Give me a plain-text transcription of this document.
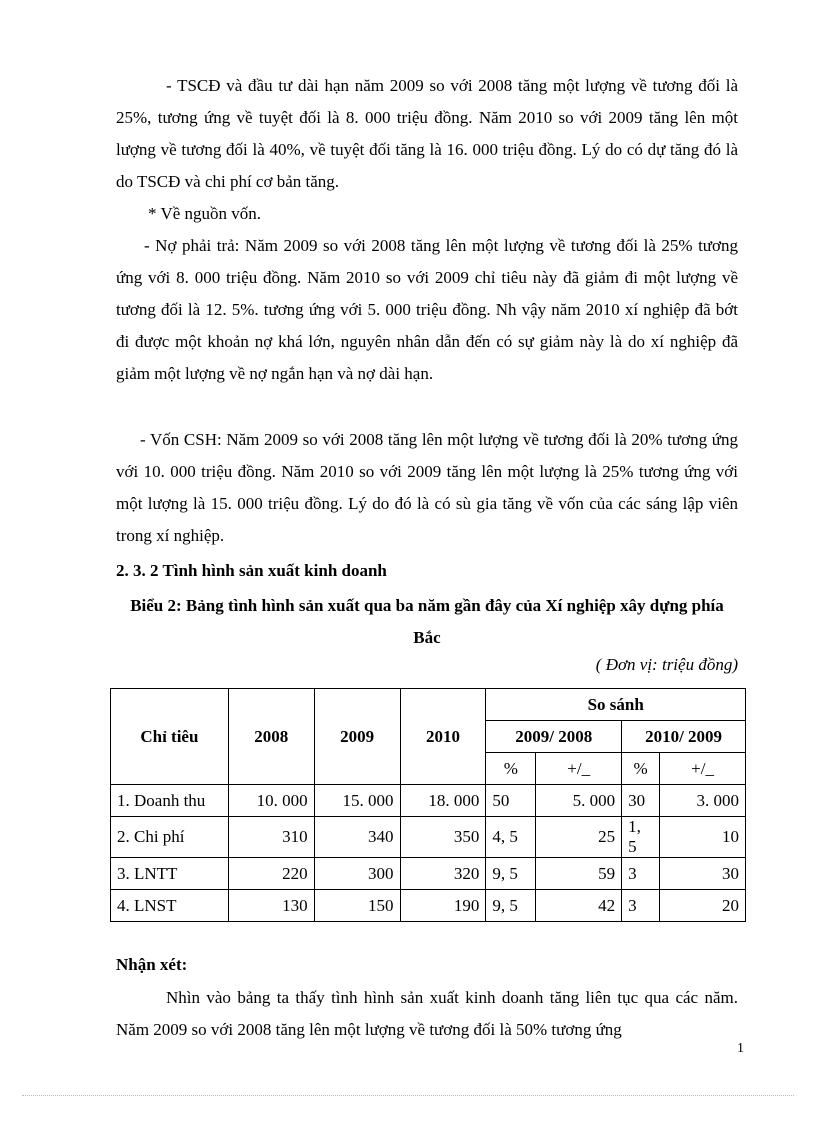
- TSCĐ và đầu tư dài hạn năm 2009 so với 2008 tăng một lượng về tương đối là 25%, tương ứng về tuyệt đối là 8. 000 triệu đồng. Năm 2010 so với 2009 tăng lên một lượng về tương đối là 40%, về tuyệt đối tăng là 16. 000 triệu đồng. Lý do có dự tăng đó là do TSCĐ và chi phí cơ bản tăng.

* Về nguồn vốn.

- Nợ phải trả: Năm 2009 so với 2008 tăng lên một lượng về tương đối là 25% tương ứng với 8. 000 triệu đồng. Năm 2010 so với 2009 chỉ tiêu này đã giảm đi một lượng về tương đối là 12. 5%. tương ứng với 5. 000 triệu đồng. Nh vậy năm 2010 xí nghiệp đã bớt đi được một khoản nợ khá lớn, nguyên nhân dẫn đến có sự giảm này là do xí nghiệp đã giảm một lượng về nợ ngắn hạn và nợ dài hạn.

- Vốn CSH: Năm 2009 so với 2008 tăng lên một lượng về tương đối là 20% tương ứng với 10. 000 triệu đồng. Năm 2010 so với 2009 tăng lên một lượng là 25% tương ứng với một lượng là 15. 000 triệu đồng. Lý do đó là có sù gia tăng về vốn của các sáng lập viên trong xí nghiệp.

2. 3. 2 Tình hình sản xuất kinh doanh

Biểu 2: Bảng tình hình sản xuất qua ba năm gần đây của Xí nghiệp xây dựng phía Bắc

( Đơn vị: triệu đồng)

Chỉ tiêu	2008	2009	2010	So sánh			
				2009/ 2008		2010/ 2009	
				%	+/_	%	+/_
1. Doanh thu	10. 000	15. 000	18. 000	50	5. 000	30	3. 000
2. Chi phí	310	340	350	4, 5	25	1, 5	10
3. LNTT	220	300	320	9, 5	59	3	30
4. LNST	130	150	190	9, 5	42	3	20

Nhận xét:

Nhìn vào bảng ta thấy tình hình sản xuất kinh doanh tăng liên tục qua các năm. Năm 2009 so với 2008 tăng lên một lượng về tương đối là 50% tương ứng

1
